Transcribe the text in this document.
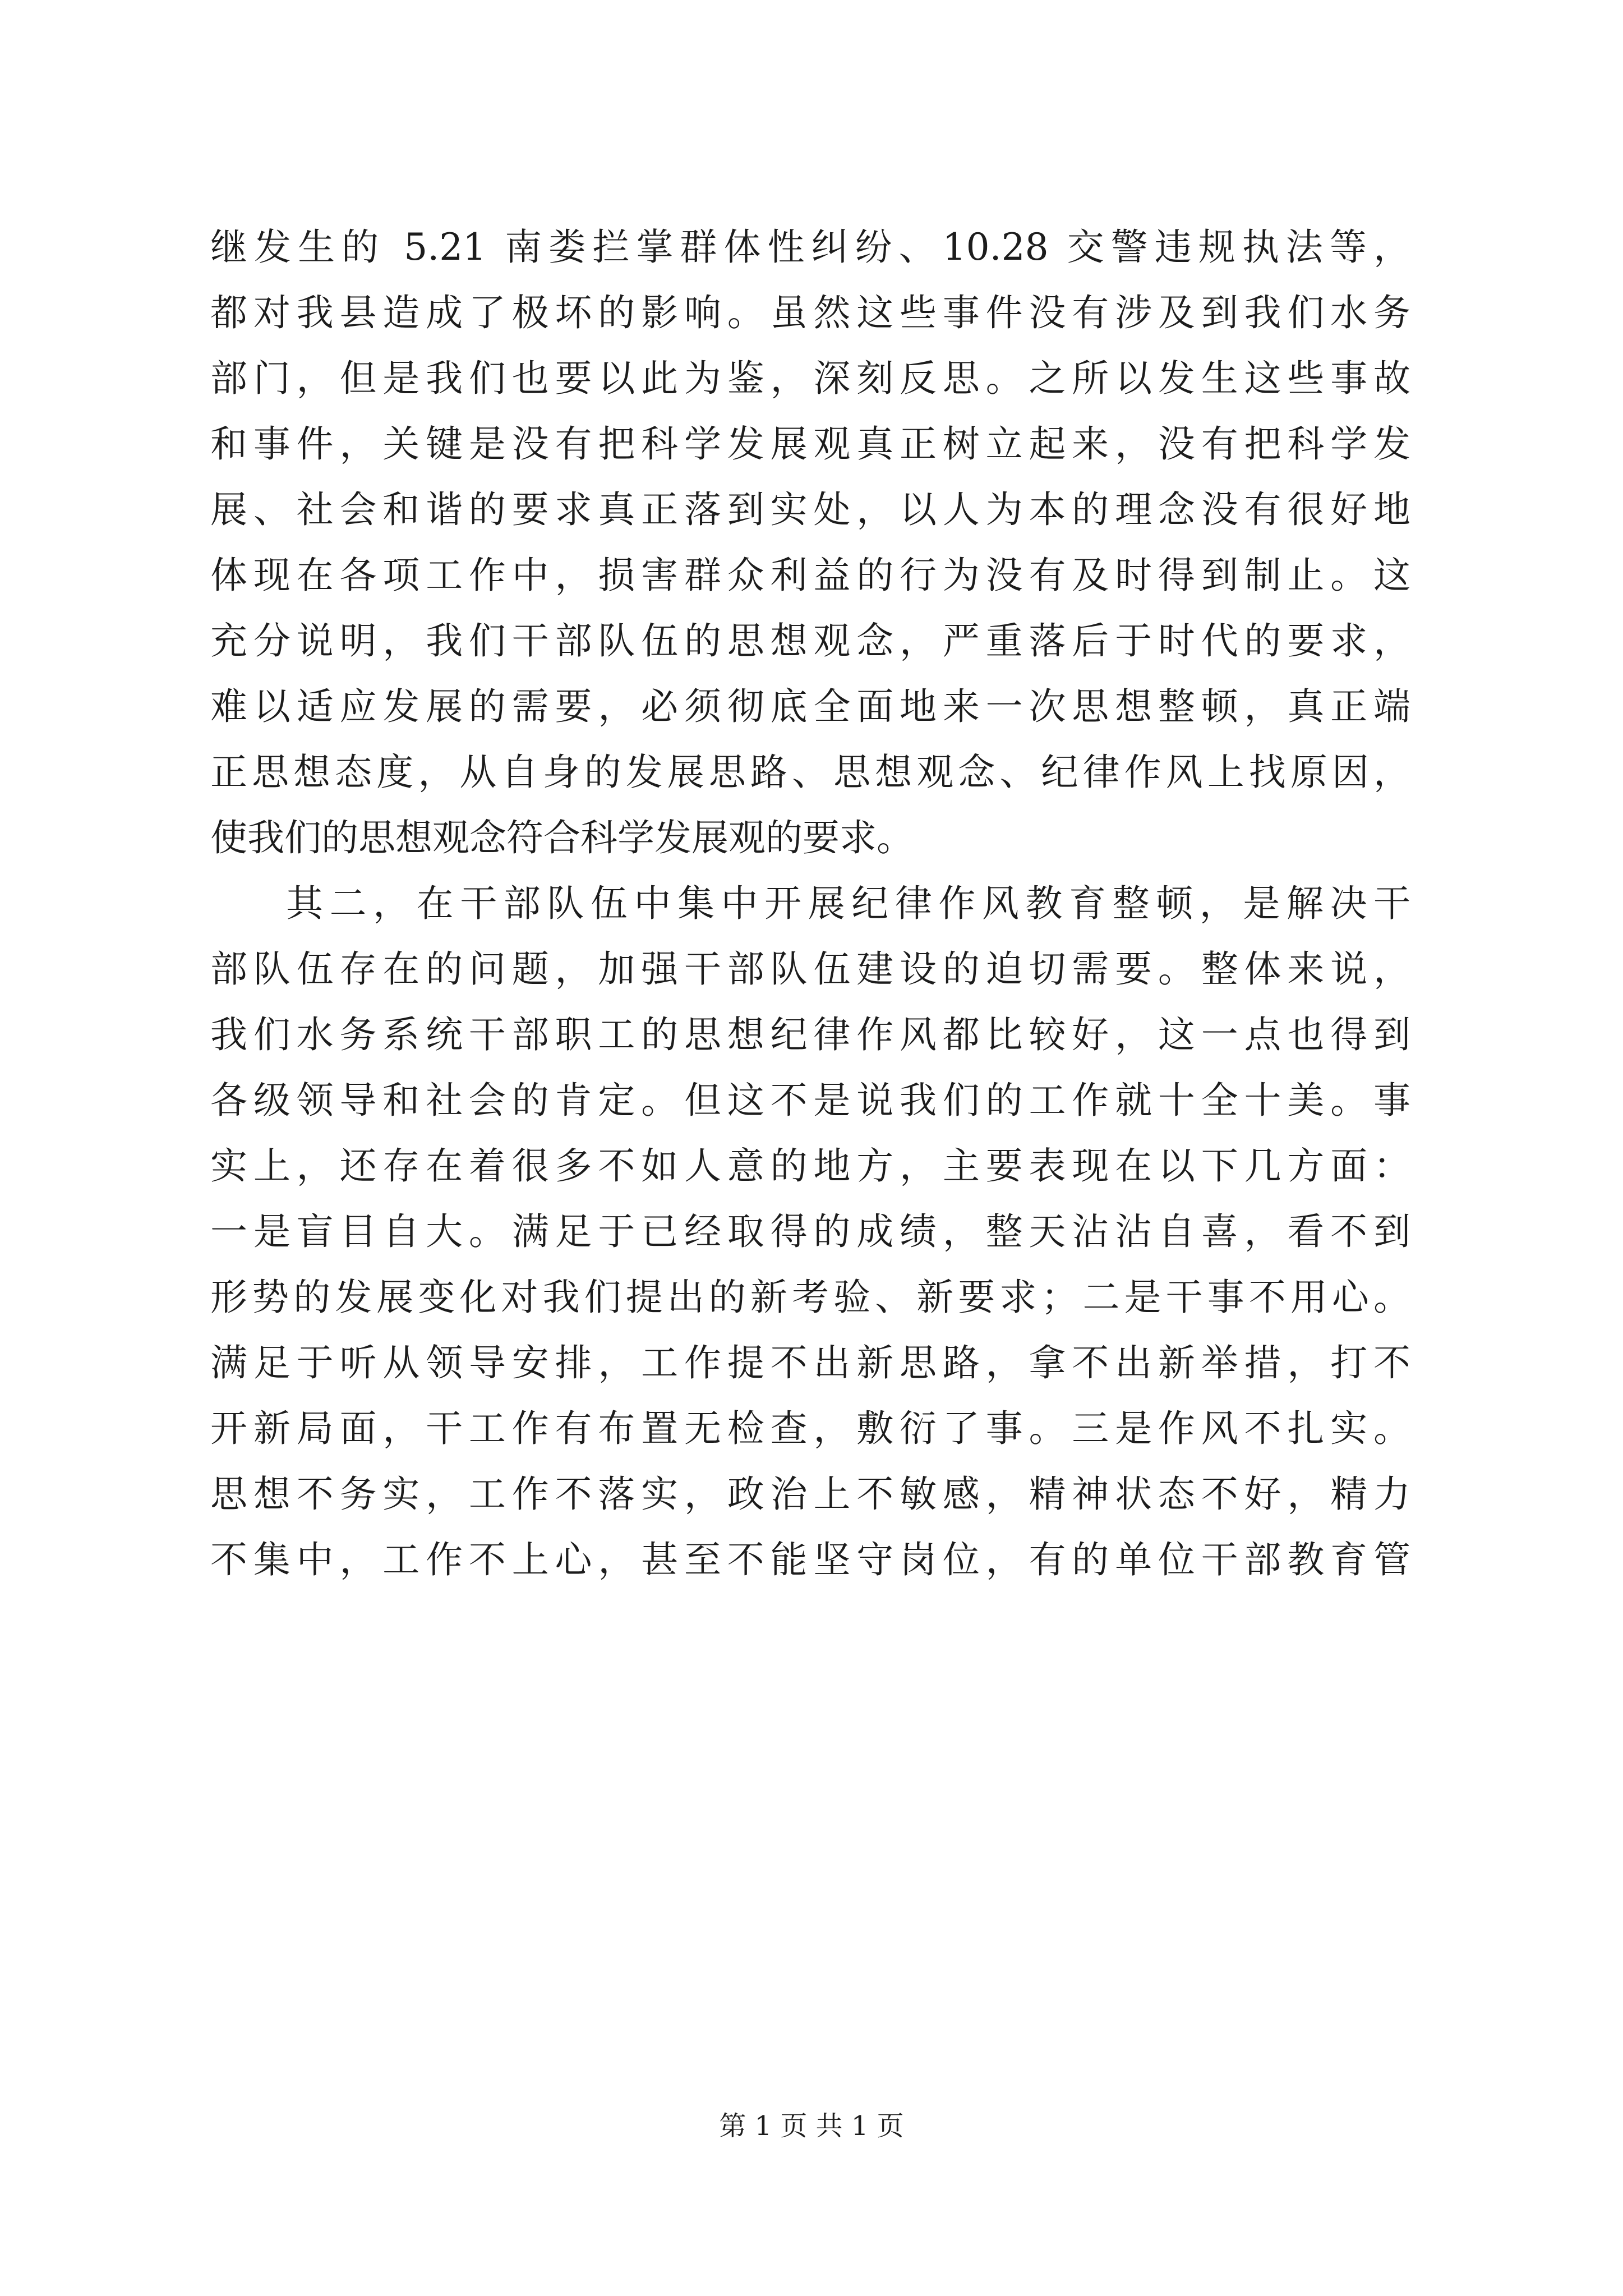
继发生的 5.21 南娄拦掌群体性纠纷、10.28 交警违规执法等，
都对我县造成了极坏的影响。虽然这些事件没有涉及到我们水务
部门，但是我们也要以此为鉴，深刻反思。之所以发生这些事故
和事件，关键是没有把科学发展观真正树立起来，没有把科学发
展、社会和谐的要求真正落到实处，以人为本的理念没有很好地
体现在各项工作中，损害群众利益的行为没有及时得到制止。这
充分说明，我们干部队伍的思想观念，严重落后于时代的要求，
难以适应发展的需要，必须彻底全面地来一次思想整顿，真正端
正思想态度，从自身的发展思路、思想观念、纪律作风上找原因，
使我们的思想观念符合科学发展观的要求。
其二，在干部队伍中集中开展纪律作风教育整顿，是解决干
部队伍存在的问题，加强干部队伍建设的迫切需要。整体来说，
我们水务系统干部职工的思想纪律作风都比较好，这一点也得到
各级领导和社会的肯定。但这不是说我们的工作就十全十美。事
实上，还存在着很多不如人意的地方，主要表现在以下几方面：
一是盲目自大。满足于已经取得的成绩，整天沾沾自喜，看不到
形势的发展变化对我们提出的新考验、新要求；二是干事不用心。
满足于听从领导安排，工作提不出新思路，拿不出新举措，打不
开新局面，干工作有布置无检查，敷衍了事。三是作风不扎实。
思想不务实，工作不落实，政治上不敏感，精神状态不好，精力
不集中，工作不上心，甚至不能坚守岗位，有的单位干部教育管
第 1 页 共 1 页
